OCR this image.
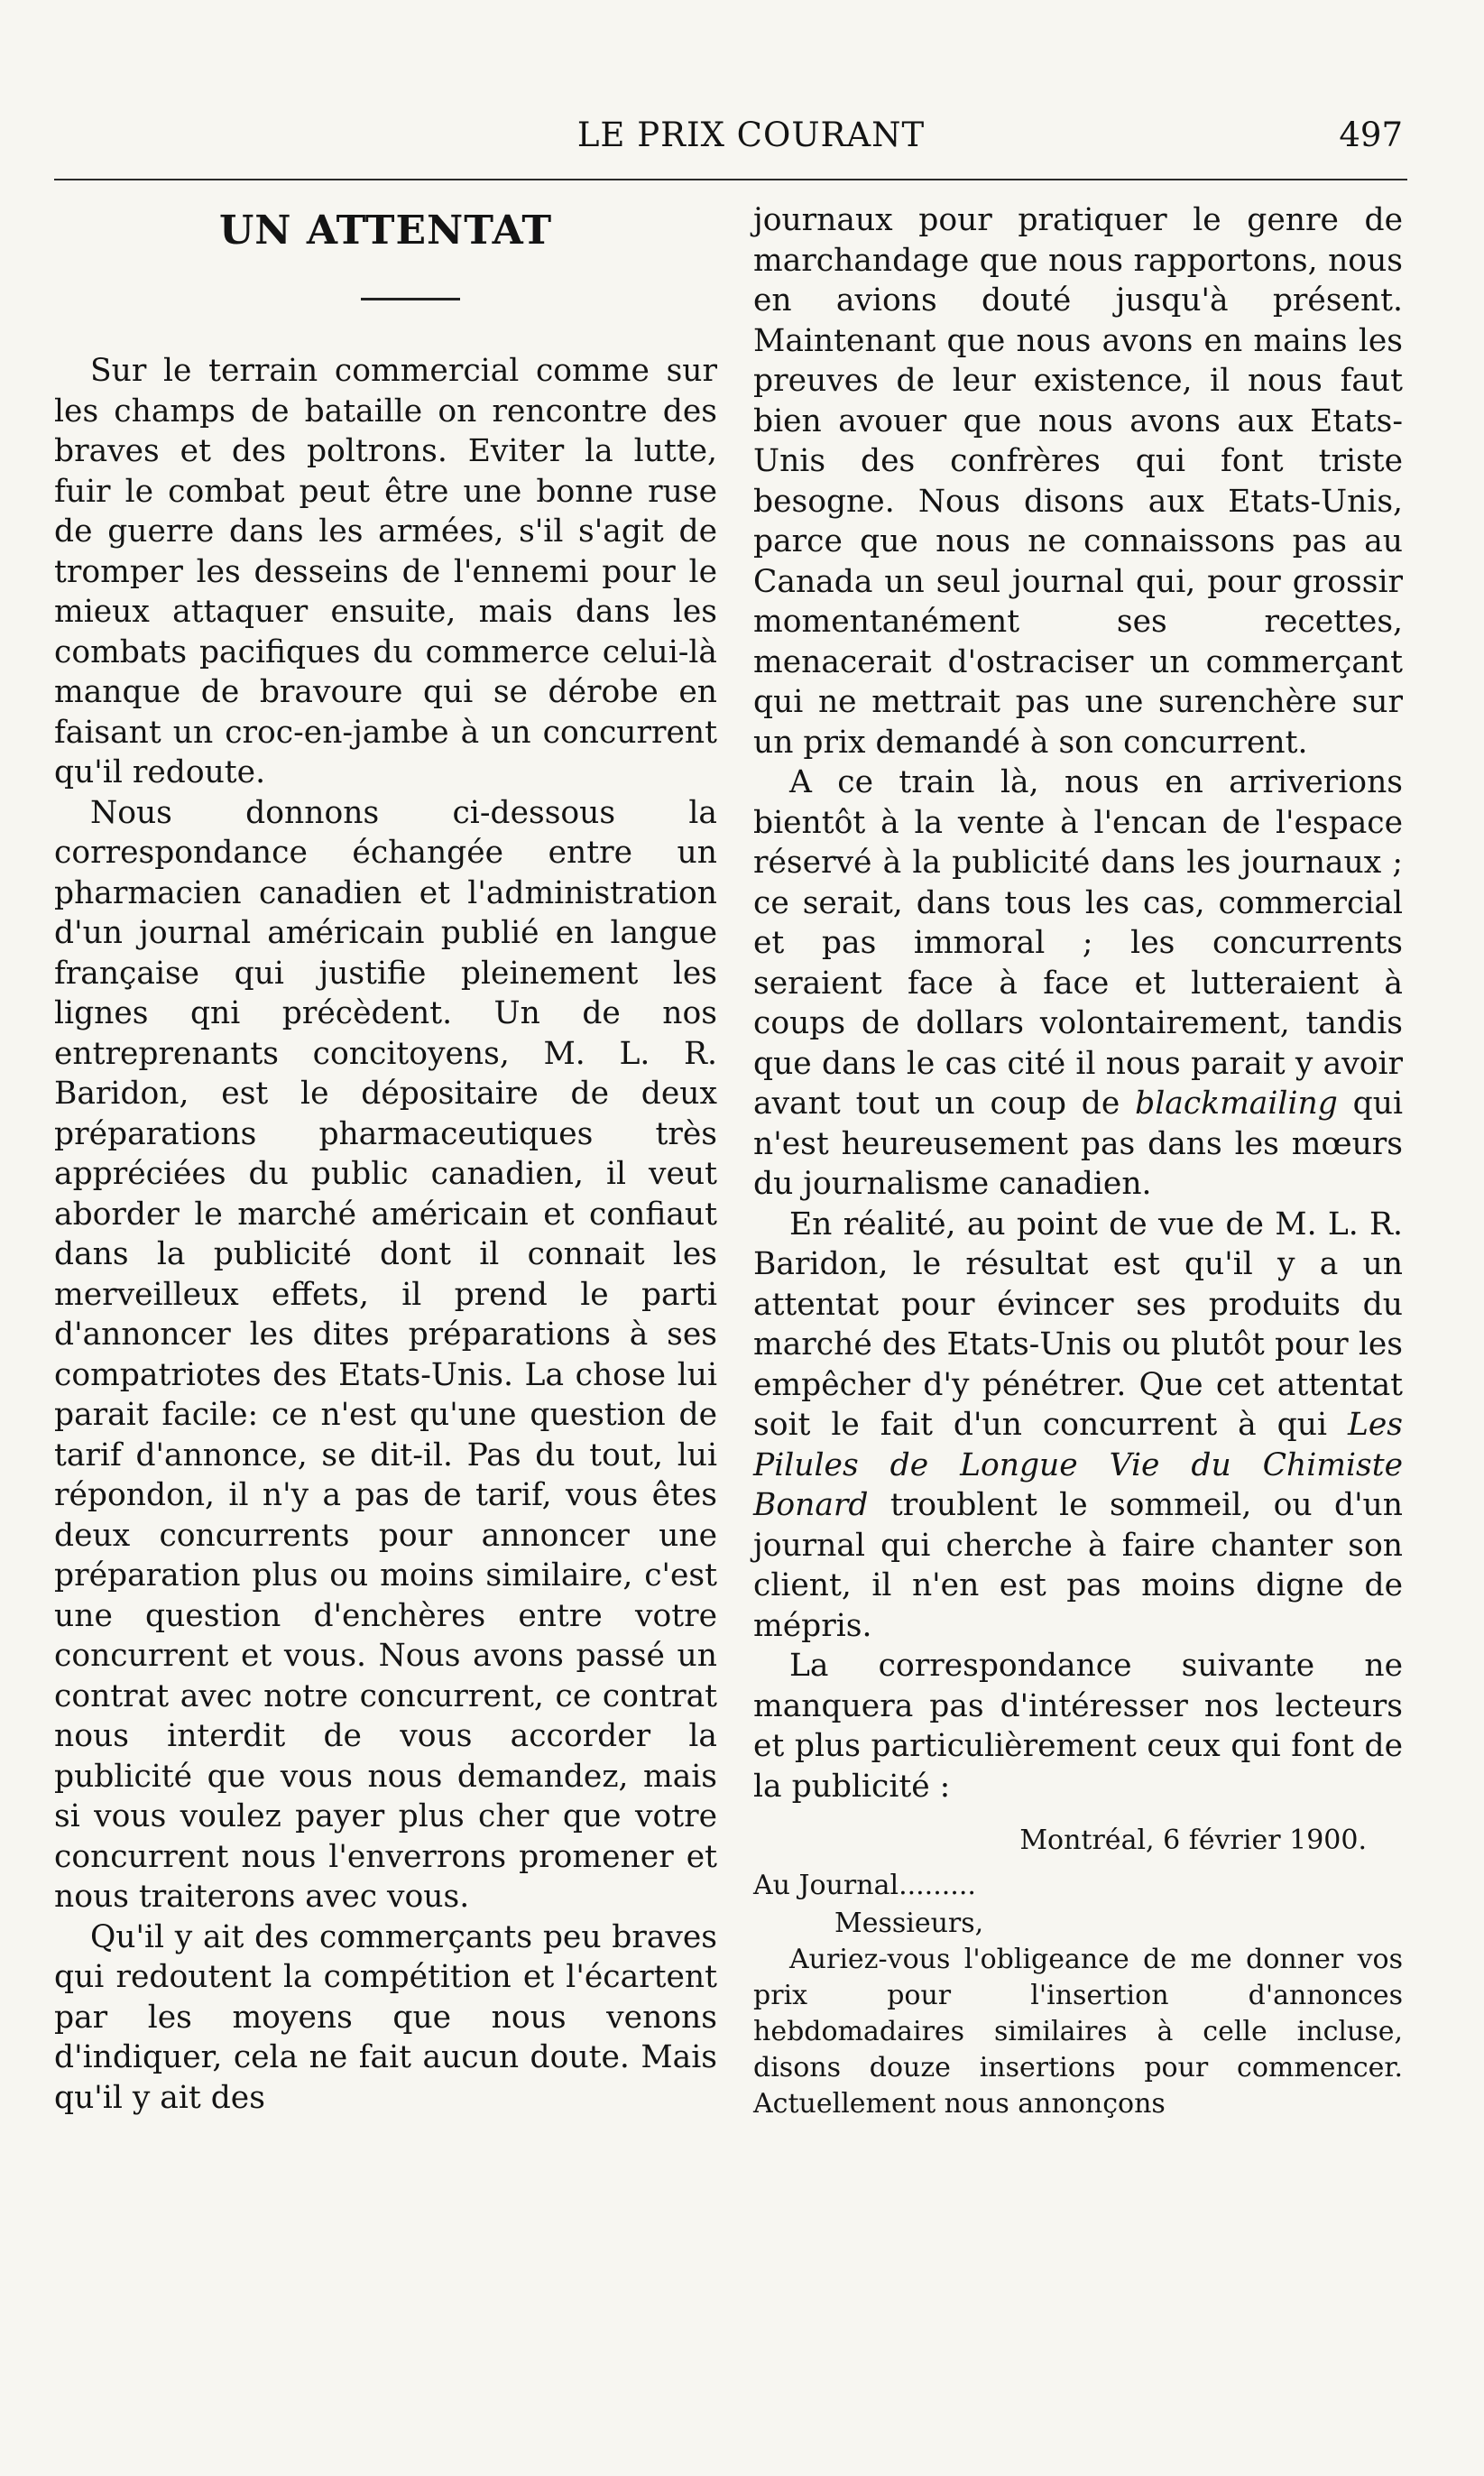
LE PRIX COURANT	497
UN ATTENTAT

Sur le terrain commercial comme sur les champs de bataille on rencontre des braves et des poltrons. Eviter la lutte, fuir le combat peut être une bonne ruse de guerre dans les armées, s'il s'agit de tromper les desseins de l'ennemi pour le mieux attaquer ensuite, mais dans les combats pacifiques du commerce celui-là manque de bravoure qui se dérobe en faisant un croc-en-jambe à un concurrent qu'il redoute.

Nous donnons ci-dessous la correspondance échangée entre un pharmacien canadien et l'administration d'un journal américain publié en langue française qui justifie pleinement les lignes qni précèdent. Un de nos entreprenants concitoyens, M. L. R. Baridon, est le dépositaire de deux préparations pharmaceutiques très appréciées du public canadien, il veut aborder le marché américain et confiaut dans la publicité dont il connait les merveilleux effets, il prend le parti d'annoncer les dites préparations à ses compatriotes des Etats-Unis. La chose lui parait facile: ce n'est qu'une question de tarif d'annonce, se dit-il. Pas du tout, lui répondon, il n'y a pas de tarif, vous êtes deux concurrents pour annoncer une préparation plus ou moins similaire, c'est une question d'enchères entre votre concurrent et vous. Nous avons passé un contrat avec notre concurrent, ce contrat nous interdit de vous accorder la publicité que vous nous demandez, mais si vous voulez payer plus cher que votre concurrent nous l'enverrons promener et nous traiterons avec vous.

Qu'il y ait des commerçants peu braves qui redoutent la compétition et l'écartent par les moyens que nous venons d'indiquer, cela ne fait aucun doute. Mais qu'il y ait des

journaux pour pratiquer le genre de marchandage que nous rapportons, nous en avions douté jusqu'à présent. Maintenant que nous avons en mains les preuves de leur existence, il nous faut bien avouer que nous avons aux Etats-Unis des confrères qui font triste besogne. Nous disons aux Etats-Unis, parce que nous ne connaissons pas au Canada un seul journal qui, pour grossir momentanément ses recettes, menacerait d'ostraciser un commerçant qui ne mettrait pas une surenchère sur un prix demandé à son concurrent.

A ce train là, nous en arriverions bientôt à la vente à l'encan de l'espace réservé à la publicité dans les journaux ; ce serait, dans tous les cas, commercial et pas immoral ; les concurrents seraient face à face et lutteraient à coups de dollars volontairement, tandis que dans le cas cité il nous parait y avoir avant tout un coup de blackmailing qui n'est heureusement pas dans les mœurs du journalisme canadien.

En réalité, au point de vue de M. L. R. Baridon, le résultat est qu'il y a un attentat pour évincer ses produits du marché des Etats-Unis ou plutôt pour les empêcher d'y pénétrer. Que cet attentat soit le fait d'un concurrent à qui Les Pilules de Longue Vie du Chimiste Bonard troublent le sommeil, ou d'un journal qui cherche à faire chanter son client, il n'en est pas moins digne de mépris.

La correspondance suivante ne manquera pas d'intéresser nos lecteurs et plus particulièrement ceux qui font de la publicité :

Montréal, 6 février 1900.

Au Journal.........

Messieurs,

Auriez-vous l'obligeance de me donner vos prix pour l'insertion d'annonces hebdomadaires similaires à celle incluse, disons douze insertions pour commencer. Actuellement nous annonçons
